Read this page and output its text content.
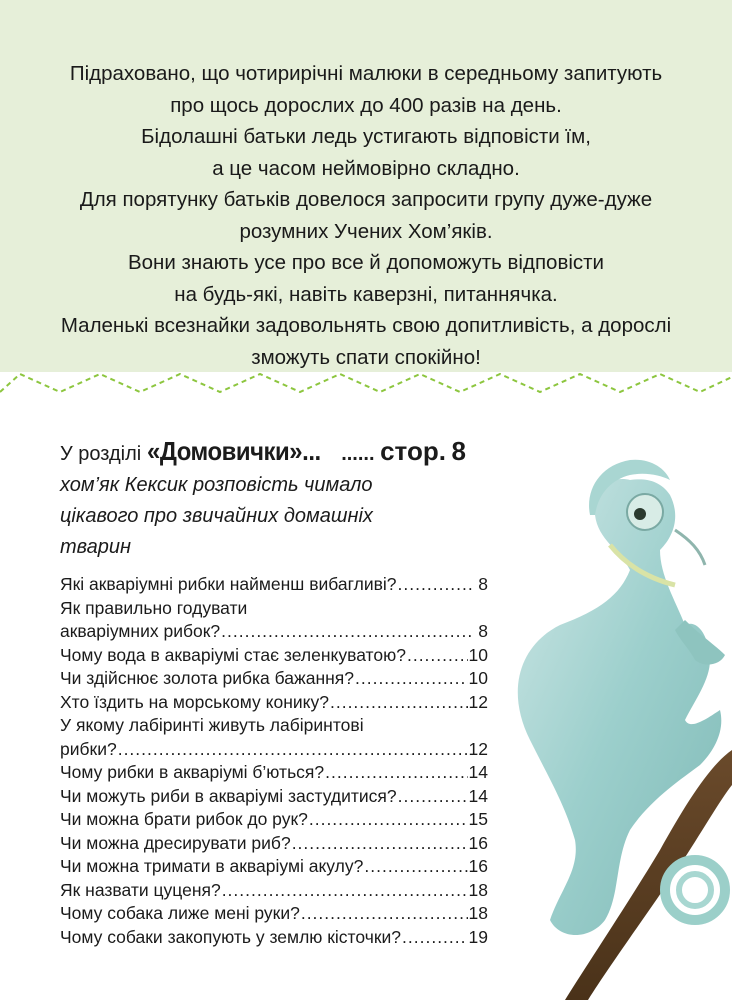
Підраховано, що чотирирічні малюки в середньому запитують
про щось дорослих до 400 разів на день.
Бідолашні батьки ледь устигають відповісти їм,
а це часом неймовірно складно.
Для порятунку батьків довелося запросити групу дуже-дуже
розумних Учених Хом’яків.
Вони знають усе про все й допоможуть відповісти
на будь-які, навіть каверзні, питаннячка.
Маленькі всезнайки задовольнять свою допитливість, а дорослі
зможуть спати спокійно!
У розділі «Домовички»... ...... стор. 8
хом’як Кексик розповість чимало
цікавого про звичайних домашніх
тварин
Які акваріумні рибки найменш вибагливі? .....	8
Як правильно годувати
акваріумних рибок? .....	8
Чому вода в акваріумі стає зеленкуватою? .....	10
Чи здійснює золота рибка бажання? .....	10
Хто їздить на морському конику? .....	12
У якому лабіринті живуть лабіринтові
рибки? .....	12
Чому рибки в акваріумі б’ються? .....	14
Чи можуть риби в акваріумі застудитися? .....	14
Чи можна брати рибок до рук? .....	15
Чи можна дресирувати риб? .....	16
Чи можна тримати в акваріумі акулу? .....	16
Як назвати цуценя? .....	18
Чому собака лиже мені руки? .....	18
Чому собаки закопують у землю кісточки? .....	19
